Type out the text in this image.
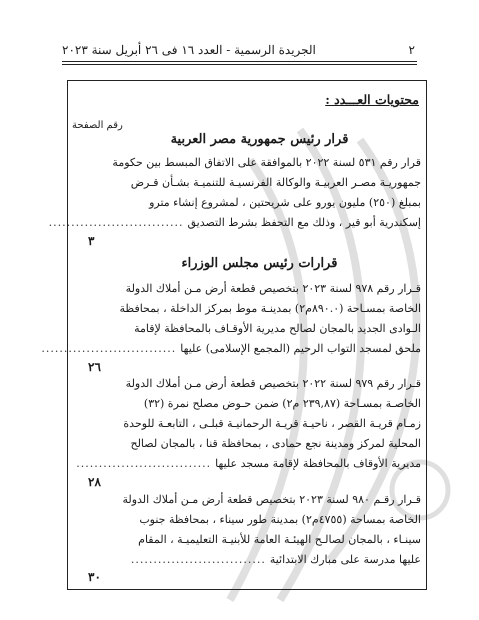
٢
الجريدة الرسمية - العدد ١٦ فى ٢٦ أبريل سنة ٢٠٢٣
محتويات العـــدد :
رقم الصفحة
قرار رئيس جمهورية مصر العربية
قرار رقم ٥٣١ لسنة ٢٠٢٢ بالموافقة على الاتفاق المبسط بين حكومة
جمهوريـة مصـر العربيـة والوكالة الفرنسيـة للتنميـة بشـأن قـرض
بمبلغ (٢٥٠) مليون يورو على شريحتين ، لمشروع إنشاء مترو
إسكندرية أبو قير ، وذلك مع التحفظ بشرط التصديق
..............................
٣
قرارات رئيس مجلس الوزراء
قـرار رقم ٩٧٨ لسنة ٢٠٢٣ بتخصيص قطعة أرض مـن أملاك الدولة
الخاصة بمسـاحة (٨٩٠.٠م٢) بمدينـة موط بمركز الداخلة ، بمحافظة
الـوادى الجديد بالمجان لصالح مديرية الأوقـاف بالمحافظة لإقامة
ملحق لمسجد التواب الرحيم (المجمع الإسلامى) عليها
..............................
٢٦
قـرار رقم ٩٧٩ لسنة ٢٠٢٢ بتخصيص قطعة أرض مـن أملاك الدولة
الخاصـة بمسـاحة (٢٣٩,٨٧ م٢) ضمن حـوض مصلح نمرة (٣٢)
زمـام قريـة القصر ، ناحيـة قريـة الرحمانيـة قبلـى ، التابعـة للوحدة
المحلية لمركز ومدينة نجع حمادى ، بمحافظة قنا ، بالمجان لصالح
مديرية الأوقاف بالمحافظة لإقامة مسجد عليها
..............................
٢٨
قـرار رقـم ٩٨٠ لسنة ٢٠٢٣ بتخصيص قطعة أرض مـن أملاك الدولة
الخاصة بمساحة (٤٧٥٥م٢) بمدينة طور سيناء ، بمحافظة جنوب
سينـاء ، بالمجان لصالـح الهيئـة العامة للأبنيـة التعليميـة ، المقام
عليها مدرسة على مبارك الابتدائية
..............................
٣٠
